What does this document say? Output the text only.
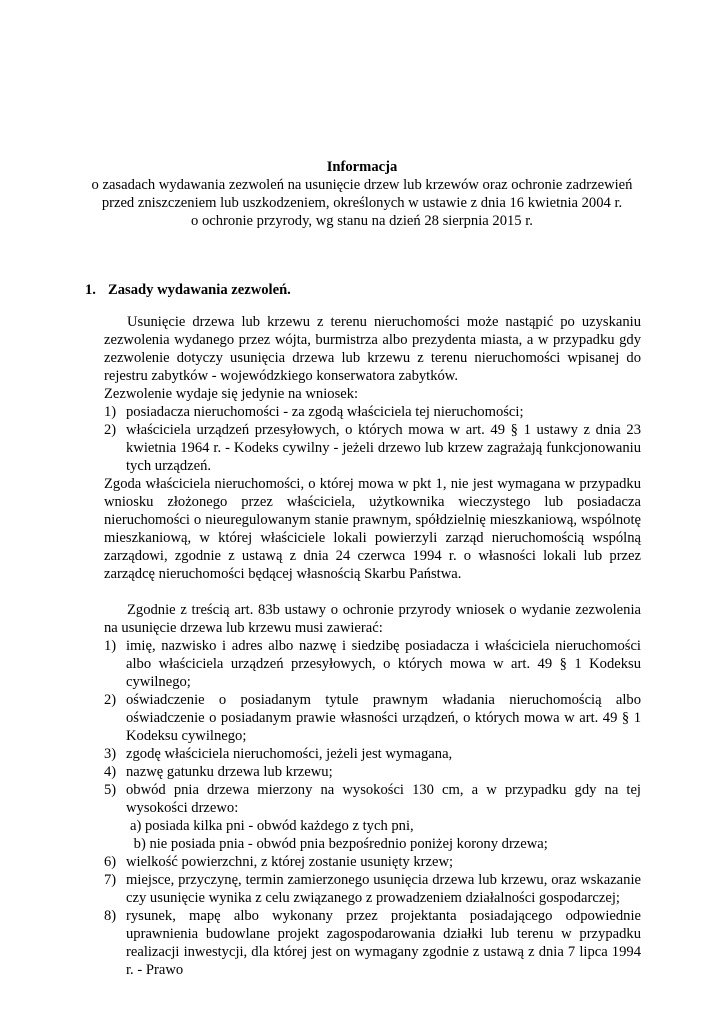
Informacja
o zasadach wydawania zezwoleń na usunięcie drzew lub krzewów oraz ochronie zadrzewień
przed zniszczeniem lub uszkodzeniem, określonych w ustawie z dnia 16 kwietnia 2004 r.
o ochronie przyrody, wg stanu na dzień 28 sierpnia 2015 r.
1. Zasady wydawania zezwoleń.
Usunięcie drzewa lub krzewu z terenu nieruchomości może nastąpić po uzyskaniu zezwolenia wydanego przez wójta, burmistrza albo prezydenta miasta, a w przypadku gdy zezwolenie dotyczy usunięcia drzewa lub krzewu z terenu nieruchomości wpisanej do rejestru zabytków - wojewódzkiego konserwatora zabytków.
Zezwolenie wydaje się jedynie na wniosek:
1) posiadacza nieruchomości - za zgodą właściciela tej nieruchomości;
2) właściciela urządzeń przesyłowych, o których mowa w art. 49 § 1 ustawy z dnia 23 kwietnia 1964 r. - Kodeks cywilny - jeżeli drzewo lub krzew zagrażają funkcjonowaniu tych urządzeń.
Zgoda właściciela nieruchomości, o której mowa w pkt 1, nie jest wymagana w przypadku wniosku złożonego przez właściciela, użytkownika wieczystego lub posiadacza nieruchomości o nieuregulowanym stanie prawnym, spółdzielnię mieszkaniową, wspólnotę mieszkaniową, w której właściciele lokali powierzyli zarząd nieruchomością wspólną zarządowi, zgodnie z ustawą z dnia 24 czerwca 1994 r. o własności lokali lub przez zarządcę nieruchomości będącej własnością Skarbu Państwa.
Zgodnie z treścią art. 83b ustawy o ochronie przyrody wniosek o wydanie zezwolenia na usunięcie drzewa lub krzewu musi zawierać:
1) imię, nazwisko i adres albo nazwę i siedzibę posiadacza i właściciela nieruchomości albo właściciela urządzeń przesyłowych, o których mowa w art. 49 § 1 Kodeksu cywilnego;
2) oświadczenie o posiadanym tytule prawnym władania nieruchomością albo oświadczenie o posiadanym prawie własności urządzeń, o których mowa w art. 49 § 1 Kodeksu cywilnego;
3) zgodę właściciela nieruchomości, jeżeli jest wymagana,
4) nazwę gatunku drzewa lub krzewu;
5) obwód pnia drzewa mierzony na wysokości 130 cm, a w przypadku gdy na tej wysokości drzewo:
a) posiada kilka pni - obwód każdego z tych pni,
b) nie posiada pnia - obwód pnia bezpośrednio poniżej korony drzewa;
6) wielkość powierzchni, z której zostanie usunięty krzew;
7) miejsce, przyczynę, termin zamierzonego usunięcia drzewa lub krzewu, oraz wskazanie czy usunięcie wynika z celu związanego z prowadzeniem działalności gospodarczej;
8) rysunek, mapę albo wykonany przez projektanta posiadającego odpowiednie uprawnienia budowlane projekt zagospodarowania działki lub terenu w przypadku realizacji inwestycji, dla której jest on wymagany zgodnie z ustawą z dnia 7 lipca 1994 r. - Prawo
